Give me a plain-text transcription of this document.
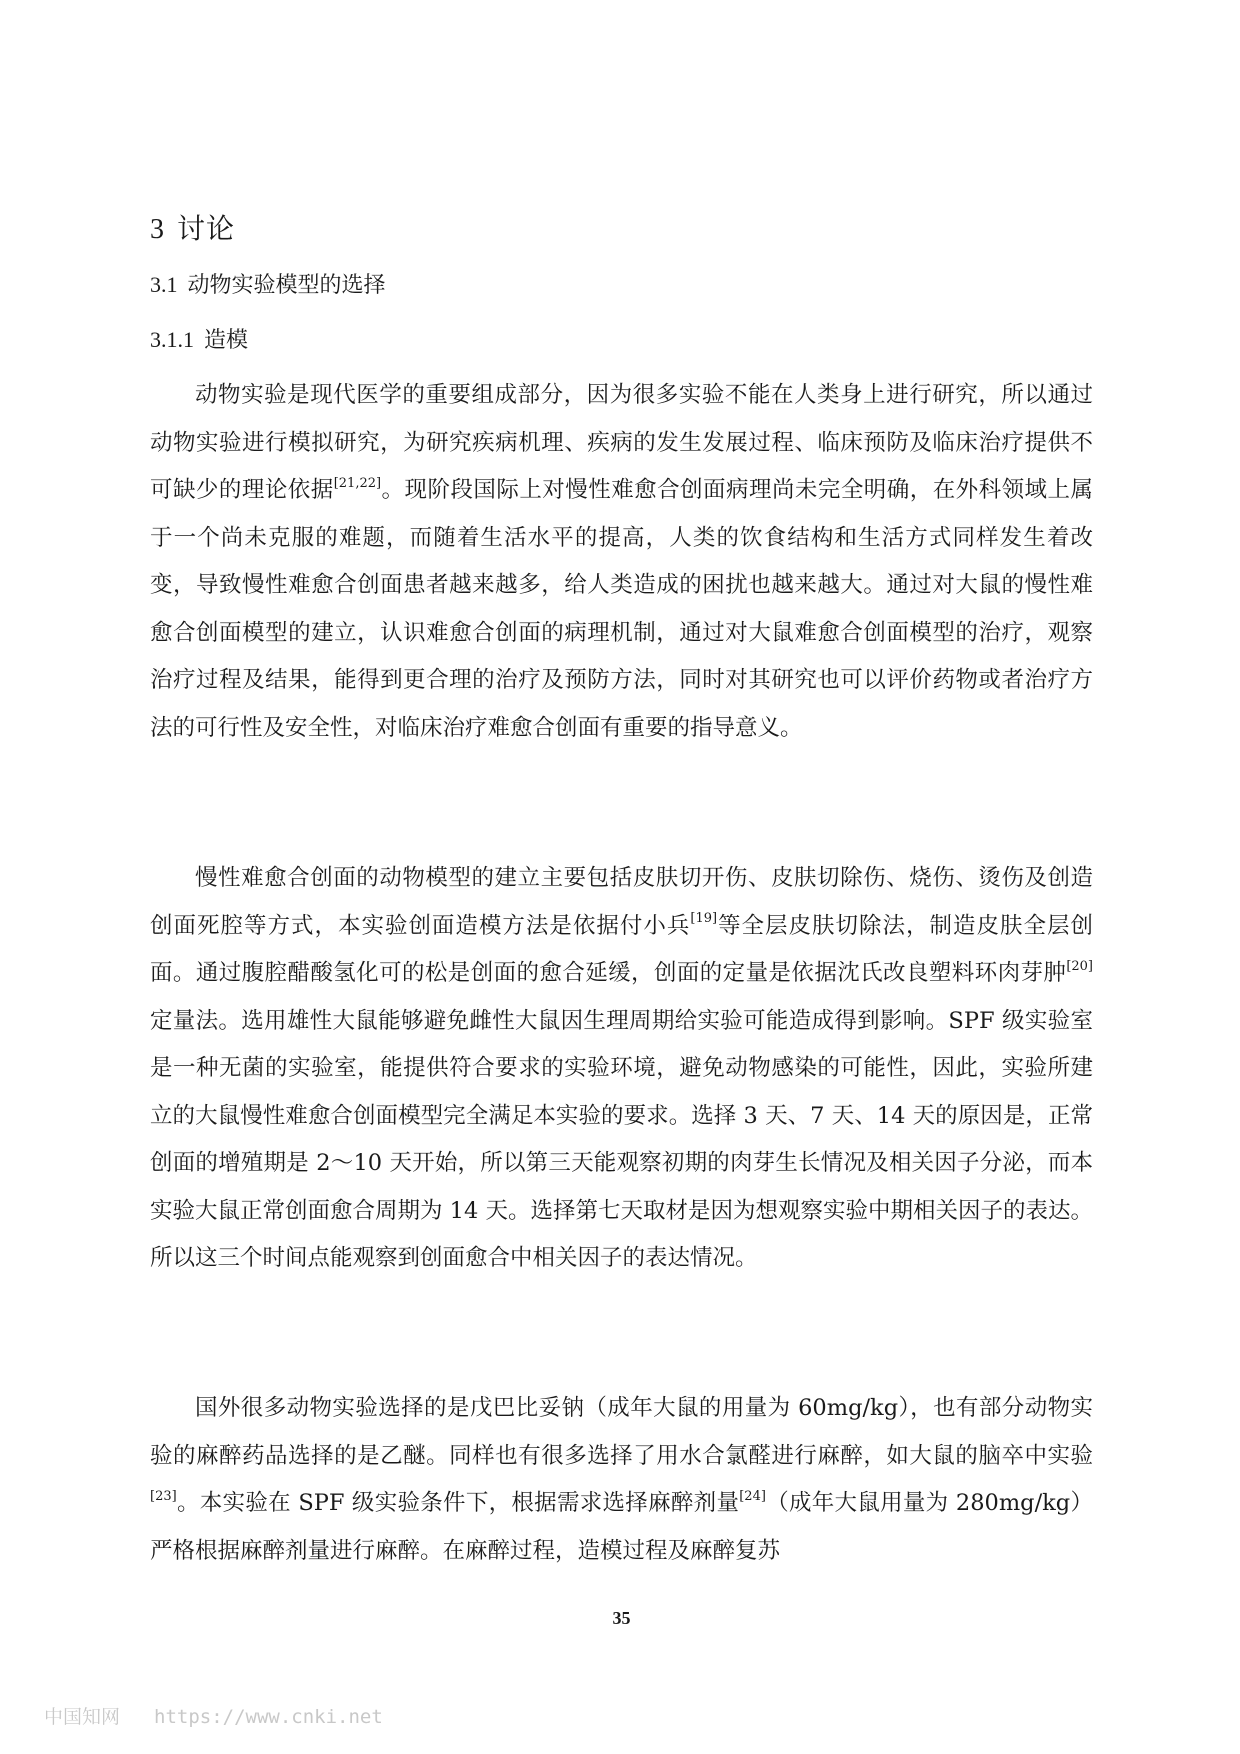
3 讨论
3.1 动物实验模型的选择
3.1.1 造模

动物实验是现代医学的重要组成部分，因为很多实验不能在人类身上进行研究，所以通过动物实验进行模拟研究，为研究疾病机理、疾病的发生发展过程、临床预防及临床治疗提供不可缺少的理论依据[21,22]。现阶段国际上对慢性难愈合创面病理尚未完全明确，在外科领域上属于一个尚未克服的难题，而随着生活水平的提高，人类的饮食结构和生活方式同样发生着改变，导致慢性难愈合创面患者越来越多，给人类造成的困扰也越来越大。通过对大鼠的慢性难愈合创面模型的建立，认识难愈合创面的病理机制，通过对大鼠难愈合创面模型的治疗，观察治疗过程及结果，能得到更合理的治疗及预防方法，同时对其研究也可以评价药物或者治疗方法的可行性及安全性，对临床治疗难愈合创面有重要的指导意义。

慢性难愈合创面的动物模型的建立主要包括皮肤切开伤、皮肤切除伤、烧伤、烫伤及创造创面死腔等方式，本实验创面造模方法是依据付小兵[19]等全层皮肤切除法，制造皮肤全层创面。通过腹腔醋酸氢化可的松是创面的愈合延缓，创面的定量是依据沈氏改良塑料环肉芽肿[20]定量法。选用雄性大鼠能够避免雌性大鼠因生理周期给实验可能造成得到影响。SPF 级实验室是一种无菌的实验室，能提供符合要求的实验环境，避免动物感染的可能性，因此，实验所建立的大鼠慢性难愈合创面模型完全满足本实验的要求。选择 3 天、7 天、14 天的原因是，正常创面的增殖期是 2～10 天开始，所以第三天能观察初期的肉芽生长情况及相关因子分泌，而本实验大鼠正常创面愈合周期为 14 天。选择第七天取材是因为想观察实验中期相关因子的表达。所以这三个时间点能观察到创面愈合中相关因子的表达情况。

国外很多动物实验选择的是戊巴比妥钠（成年大鼠的用量为 60mg/kg），也有部分动物实验的麻醉药品选择的是乙醚。同样也有很多选择了用水合氯醛进行麻醉，如大鼠的脑卒中实验[23]。本实验在 SPF 级实验条件下，根据需求选择麻醉剂量[24]（成年大鼠用量为 280mg/kg）严格根据麻醉剂量进行麻醉。在麻醉过程，造模过程及麻醉复苏

35
中国知网 https://www.cnki.net
